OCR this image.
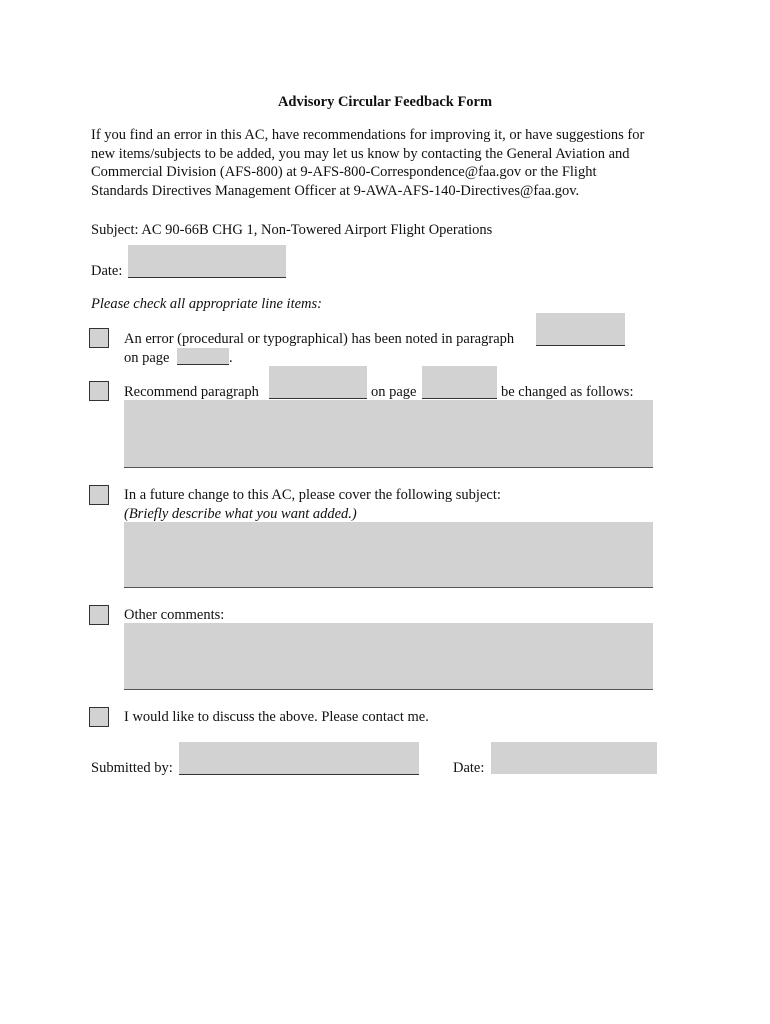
Advisory Circular Feedback Form
If you find an error in this AC, have recommendations for improving it, or have suggestions for
new items/subjects to be added, you may let us know by contacting the General Aviation and
Commercial Division (AFS-800) at 9-AFS-800-Correspondence@faa.gov or the Flight
Standards Directives Management Officer at 9-AWA-AFS-140-Directives@faa.gov.
Subject: AC 90-66B CHG 1, Non-Towered Airport Flight Operations
Date:
Please check all appropriate line items:
An error (procedural or typographical) has been noted in paragraph
on page	.
Recommend paragraph	on page	be changed as follows:
In a future change to this AC, please cover the following subject:
(Briefly describe what you want added.)
Other comments:
I would like to discuss the above. Please contact me.
Submitted by:	Date:
